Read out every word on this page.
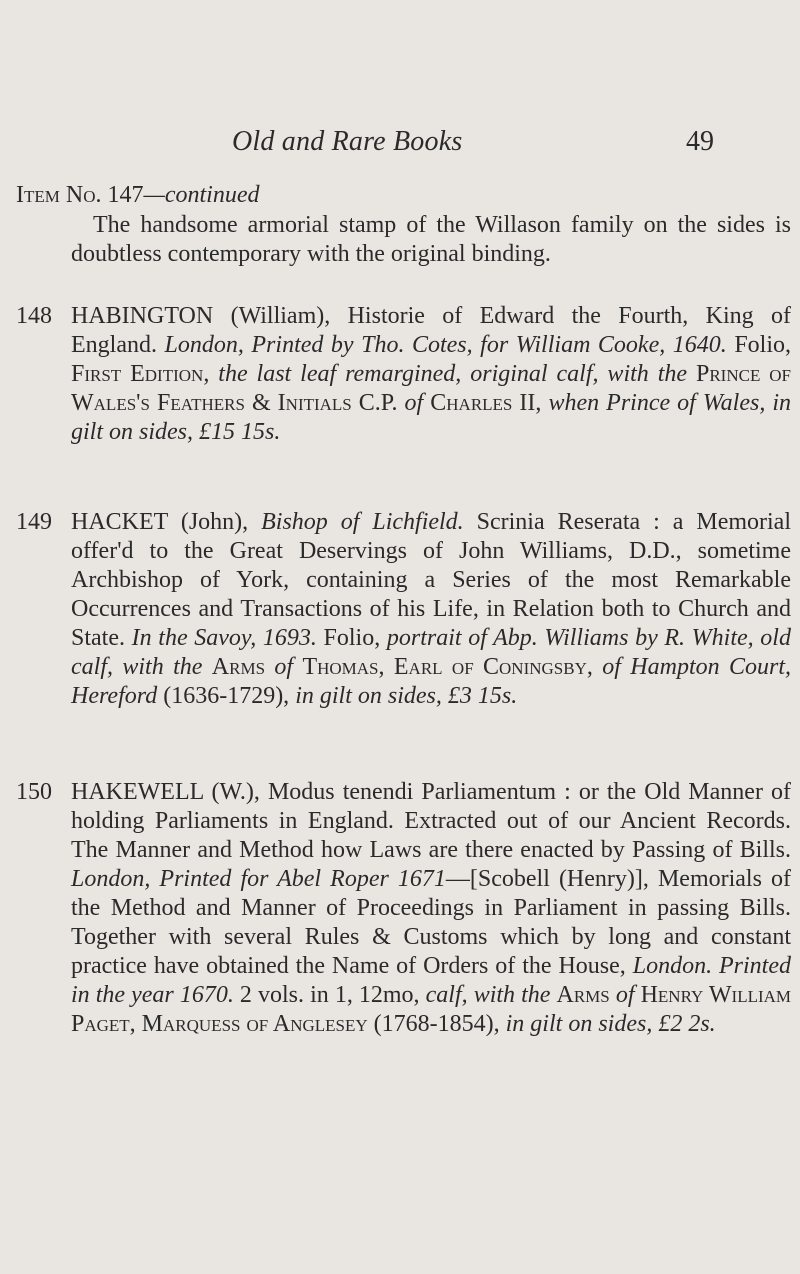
Old and Rare Books	49
Item No. 147—continued

The handsome armorial stamp of the Willason family on the sides is doubtless contemporary with the original binding.

148 HABINGTON (William), Historie of Edward the Fourth, King of England. London, Printed by Tho. Cotes, for William Cooke, 1640. Folio, First Edition, the last leaf remargined, original calf, with the Prince of Wales's Feathers & Initials C.P. of Charles II, when Prince of Wales, in gilt on sides, £15 15s.

149 HACKET (John), Bishop of Lichfield. Scrinia Reserata : a Memorial offer'd to the Great Deservings of John Williams, D.D., sometime Archbishop of York, containing a Series of the most Remarkable Occurrences and Transactions of his Life, in Relation both to Church and State. In the Savoy, 1693. Folio, portrait of Abp. Williams by R. White, old calf, with the Arms of Thomas, Earl of Coningsby, of Hampton Court, Hereford (1636-1729), in gilt on sides, £3 15s.

150 HAKEWELL (W.), Modus tenendi Parliamentum : or the Old Manner of holding Parliaments in England. Extracted out of our Ancient Records. The Manner and Method how Laws are there enacted by Passing of Bills. London, Printed for Abel Roper 1671—[Scobell (Henry)], Memorials of the Method and Manner of Proceedings in Parliament in passing Bills. Together with several Rules & Customs which by long and constant practice have obtained the Name of Orders of the House, London. Printed in the year 1670. 2 vols. in 1, 12mo, calf, with the Arms of Henry William Paget, Marquess of Anglesey (1768-1854), in gilt on sides, £2 2s.
